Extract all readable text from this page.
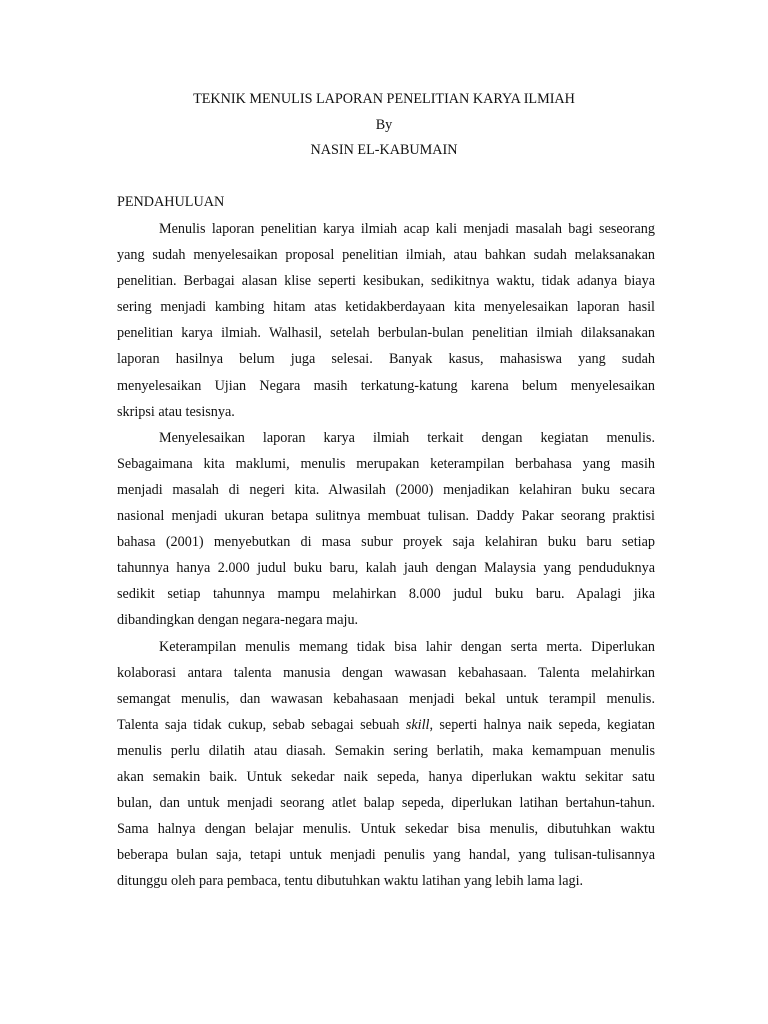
TEKNIK MENULIS LAPORAN PENELITIAN KARYA ILMIAH
By
NASIN EL-KABUMAIN
PENDAHULUAN
Menulis laporan penelitian karya ilmiah acap kali menjadi masalah bagi seseorang
yang sudah menyelesaikan proposal penelitian ilmiah, atau bahkan sudah melaksanakan
penelitian. Berbagai alasan klise seperti kesibukan, sedikitnya waktu, tidak adanya biaya
sering menjadi kambing hitam atas ketidakberdayaan kita menyelesaikan laporan hasil
penelitian karya ilmiah. Walhasil, setelah berbulan-bulan penelitian ilmiah dilaksanakan
laporan hasilnya belum juga selesai. Banyak kasus, mahasiswa yang sudah
menyelesaikan Ujian Negara masih terkatung-katung karena belum menyelesaikan
skripsi atau tesisnya.
Menyelesaikan laporan karya ilmiah terkait dengan kegiatan menulis.
Sebagaimana kita maklumi, menulis merupakan keterampilan berbahasa yang masih
menjadi masalah di negeri kita. Alwasilah (2000) menjadikan kelahiran buku secara
nasional menjadi ukuran betapa sulitnya membuat tulisan. Daddy Pakar seorang praktisi
bahasa (2001) menyebutkan di masa subur proyek saja kelahiran buku baru setiap
tahunnya hanya 2.000 judul buku baru, kalah jauh dengan Malaysia yang penduduknya
sedikit setiap tahunnya mampu melahirkan 8.000 judul buku baru. Apalagi jika
dibandingkan dengan negara-negara maju.
Keterampilan menulis memang tidak bisa lahir dengan serta merta. Diperlukan
kolaborasi antara talenta manusia dengan wawasan kebahasaan. Talenta melahirkan
semangat menulis, dan wawasan kebahasaan menjadi bekal untuk terampil menulis.
Talenta saja tidak cukup, sebab sebagai sebuah skill, seperti halnya naik sepeda, kegiatan
menulis perlu dilatih atau diasah. Semakin sering berlatih, maka kemampuan menulis
akan semakin baik. Untuk sekedar naik sepeda, hanya diperlukan waktu sekitar satu
bulan, dan untuk menjadi seorang atlet balap sepeda, diperlukan latihan bertahun-tahun.
Sama halnya dengan belajar menulis. Untuk sekedar bisa menulis, dibutuhkan waktu
beberapa bulan saja, tetapi untuk menjadi penulis yang handal, yang tulisan-tulisannya
ditunggu oleh para pembaca, tentu dibutuhkan waktu latihan yang lebih lama lagi.
